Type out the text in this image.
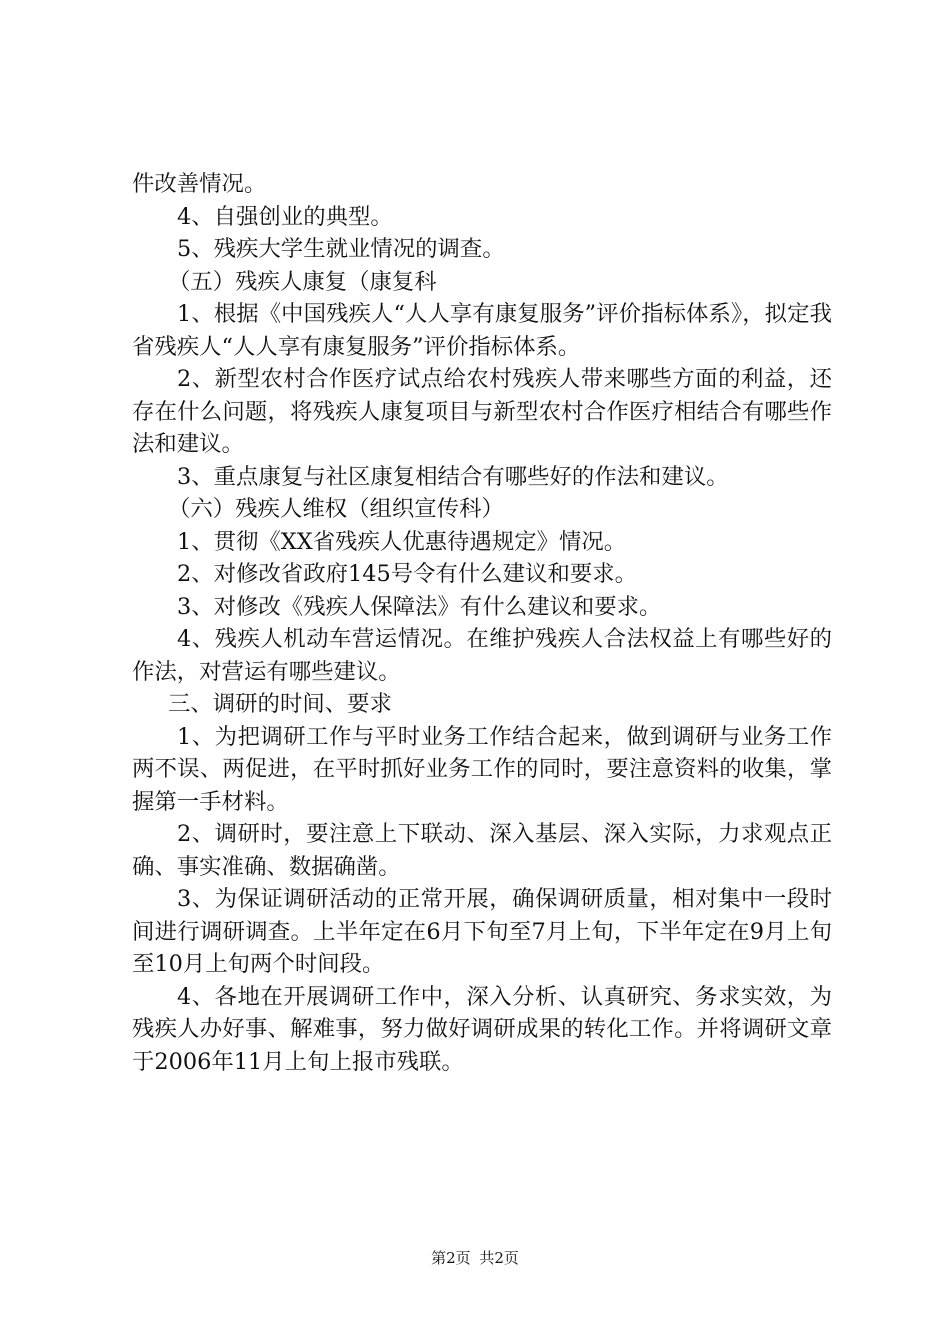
件改善情况。

4、自强创业的典型。

5、残疾大学生就业情况的调查。

（五）残疾人康复（康复科

1、根据《中国残疾人“人人享有康复服务”评价指标体系》，拟定我省残疾人“人人享有康复服务”评价指标体系。

2、新型农村合作医疗试点给农村残疾人带来哪些方面的利益，还存在什么问题，将残疾人康复项目与新型农村合作医疗相结合有哪些作法和建议。

3、重点康复与社区康复相结合有哪些好的作法和建议。

（六）残疾人维权（组织宣传科）

1、贯彻《XX省残疾人优惠待遇规定》情况。

2、对修改省政府145号令有什么建议和要求。

3、对修改《残疾人保障法》有什么建议和要求。

4、残疾人机动车营运情况。在维护残疾人合法权益上有哪些好的作法，对营运有哪些建议。

三、调研的时间、要求

1、为把调研工作与平时业务工作结合起来，做到调研与业务工作两不误、两促进，在平时抓好业务工作的同时，要注意资料的收集，掌握第一手材料。

2、调研时，要注意上下联动、深入基层、深入实际，力求观点正确、事实准确、数据确凿。

3、为保证调研活动的正常开展，确保调研质量，相对集中一段时间进行调研调查。上半年定在6月下旬至7月上旬，下半年定在9月上旬至10月上旬两个时间段。

4、各地在开展调研工作中，深入分析、认真研究、务求实效，为残疾人办好事、解难事，努力做好调研成果的转化工作。并将调研文章于2006年11月上旬上报市残联。

第2页 共2页
